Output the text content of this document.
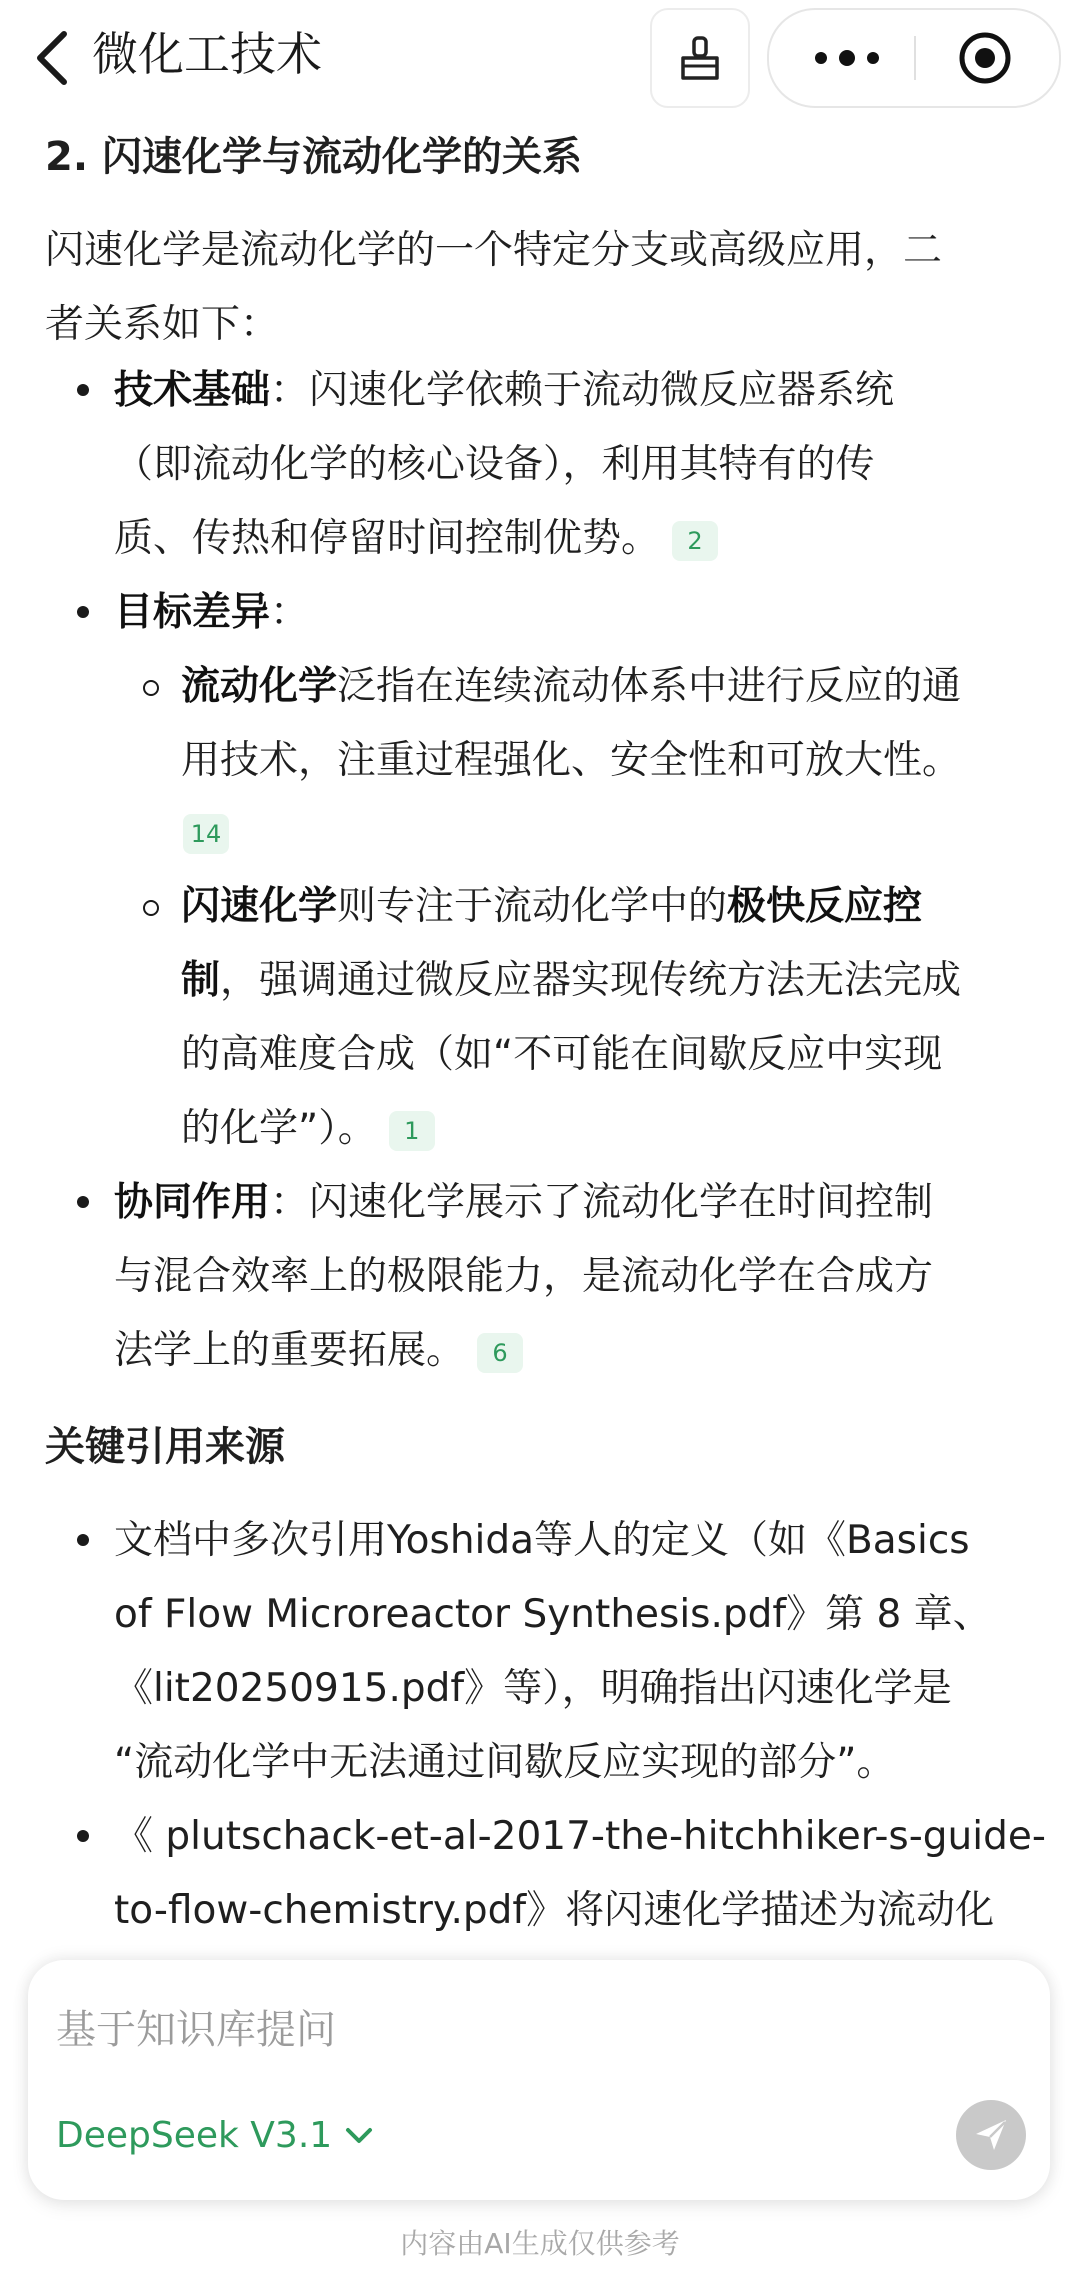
微化工技术
2. 闪速化学与流动化学的关系
闪速化学是流动化学的一个特定分支或高级应用，二
者关系如下：
技术基础：闪速化学依赖于流动微反应器系统
（即流动化学的核心设备），利用其特有的传
质、传热和停留时间控制优势。 2
目标差异：
流动化学泛指在连续流动体系中进行反应的通
用技术，注重过程强化、安全性和可放大性。
14
闪速化学则专注于流动化学中的极快反应控
制，强调通过微反应器实现传统方法无法完成
的高难度合成（如“不可能在间歇反应中实现
的化学”）。 1
协同作用：闪速化学展示了流动化学在时间控制
与混合效率上的极限能力，是流动化学在合成方
法学上的重要拓展。 6
关键引用来源
文档中多次引用Yoshida等人的定义（如《Basics
of Flow Microreactor Synthesis.pdf》第 8 章、
《lit20250915.pdf》等），明确指出闪速化学是
“流动化学中无法通过间歇反应实现的部分”。
《 plutschack-et-al-2017-the-hitchhiker-s-guide-
to-flow-chemistry.pdf》将闪速化学描述为流动化
基于知识库提问
DeepSeek V3.1
内容由AI生成仅供参考
